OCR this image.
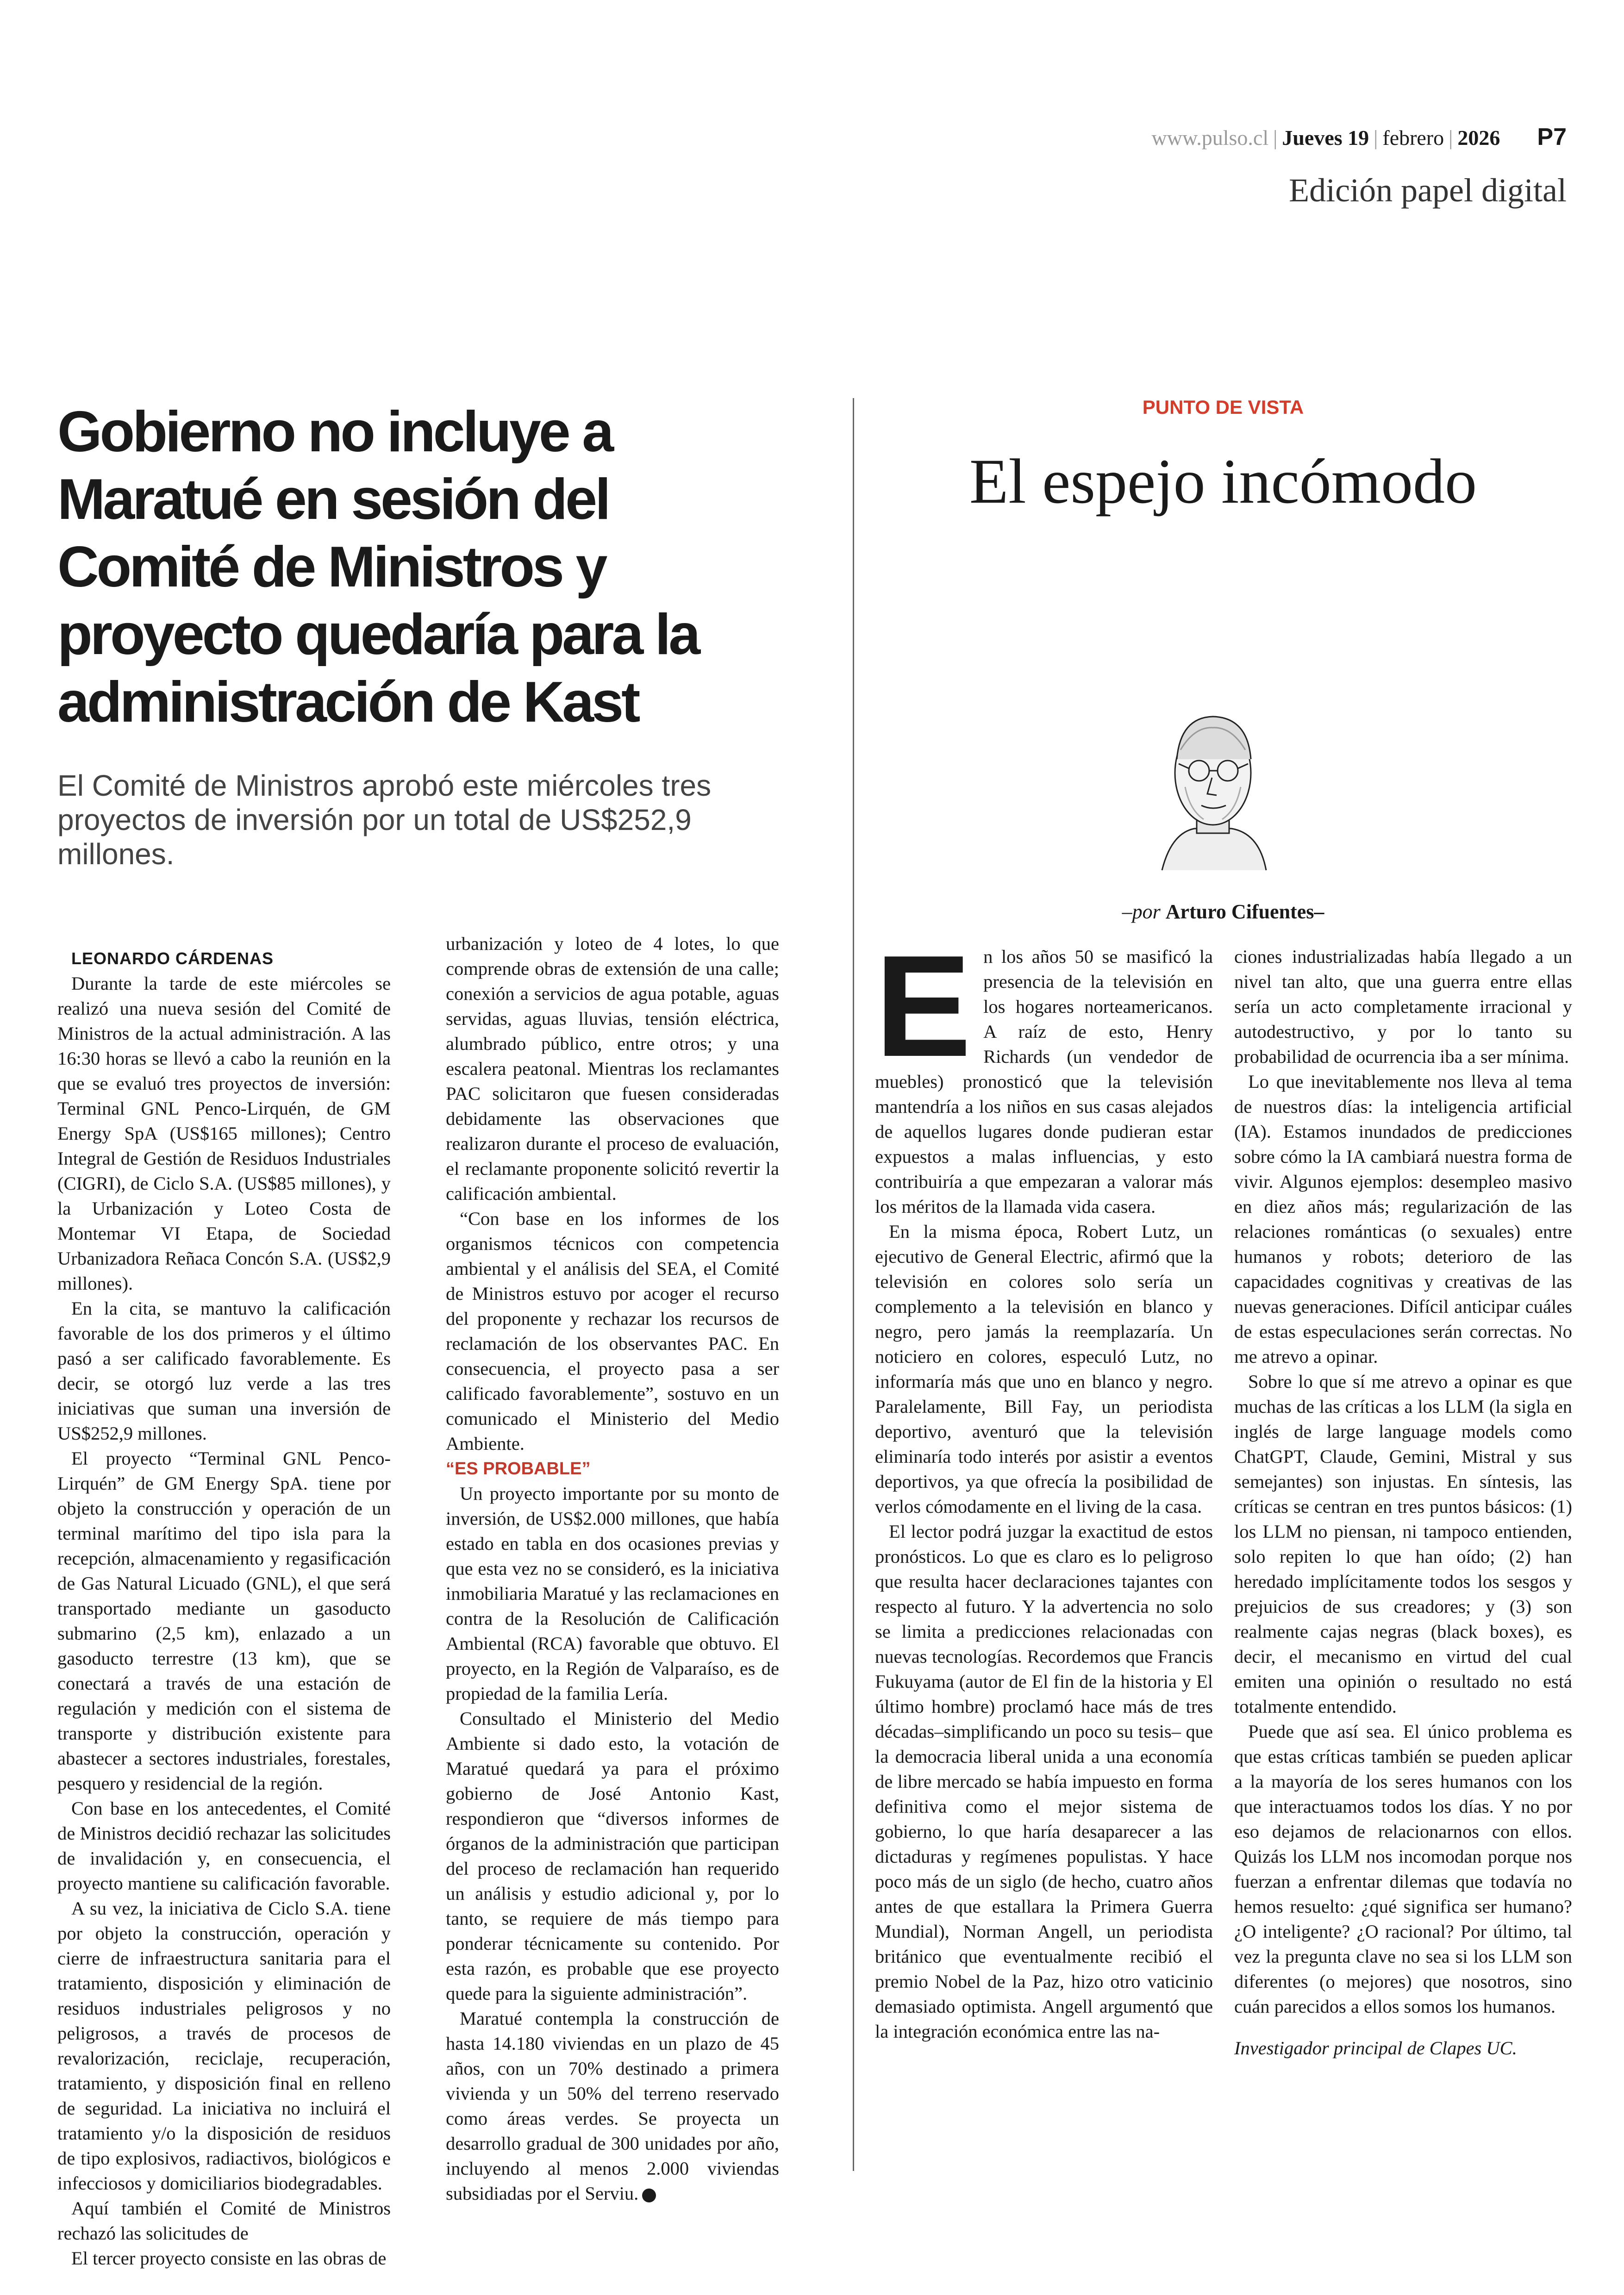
www.pulso.cl | Jueves 19 | febrero | 2026 P7
Edición papel digital
Gobierno no incluye a Maratué en sesión del Comité de Ministros y proyecto quedaría para la administración de Kast

El Comité de Ministros aprobó este miércoles tres proyectos de inversión por un total de US$252,9 millones.

PUNTO DE VISTA
El espejo incómodo
–por Arturo Cifuentes–

LEONARDO CÁRDENAS

Durante la tarde de este miércoles se realizó una nueva sesión del Comité de Ministros de la actual administración. A las 16:30 horas se llevó a cabo la reunión en la que se evaluó tres proyectos de inversión: Terminal GNL Penco-Lirquén, de GM Energy SpA (US$165 millones); Centro Integral de Gestión de Residuos Industriales (CIGRI), de Ciclo S.A. (US$85 millones), y la Urbanización y Loteo Costa de Montemar VI Etapa, de Sociedad Urbanizadora Reñaca Concón S.A. (US$2,9 millones).

En la cita, se mantuvo la calificación favorable de los dos primeros y el último pasó a ser calificado favorablemente. Es decir, se otorgó luz verde a las tres iniciativas que suman una inversión de US$252,9 millones.

El proyecto “Terminal GNL Penco-Lirquén” de GM Energy SpA. tiene por objeto la construcción y operación de un terminal marítimo del tipo isla para la recepción, almacenamiento y regasificación de Gas Natural Licuado (GNL), el que será transportado mediante un gasoducto submarino (2,5 km), enlazado a un gasoducto terrestre (13 km), que se conectará a través de una estación de regulación y medición con el sistema de transporte y distribución existente para abastecer a sectores industriales, forestales, pesquero y residencial de la región.

Con base en los antecedentes, el Comité de Ministros decidió rechazar las solicitudes de invalidación y, en consecuencia, el proyecto mantiene su calificación favorable.

A su vez, la iniciativa de Ciclo S.A. tiene por objeto la construcción, operación y cierre de infraestructura sanitaria para el tratamiento, disposición y eliminación de residuos industriales peligrosos y no peligrosos, a través de procesos de revalorización, reciclaje, recuperación, tratamiento, y disposición final en relleno de seguridad. La iniciativa no incluirá el tratamiento y/o la disposición de residuos de tipo explosivos, radiactivos, biológicos e infecciosos y domiciliarios biodegradables.

Aquí también el Comité de Ministros rechazó las solicitudes de

El tercer proyecto consiste en las obras de

urbanización y loteo de 4 lotes, lo que comprende obras de extensión de una calle; conexión a servicios de agua potable, aguas servidas, aguas lluvias, tensión eléctrica, alumbrado público, entre otros; y una escalera peatonal. Mientras los reclamantes PAC solicitaron que fuesen consideradas debidamente las observaciones que realizaron durante el proceso de evaluación, el reclamante proponente solicitó revertir la calificación ambiental.

“Con base en los informes de los organismos técnicos con competencia ambiental y el análisis del SEA, el Comité de Ministros estuvo por acoger el recurso del proponente y rechazar los recursos de reclamación de los observantes PAC. En consecuencia, el proyecto pasa a ser calificado favorablemente”, sostuvo en un comunicado el Ministerio del Medio Ambiente.

“ES PROBABLE”

Un proyecto importante por su monto de inversión, de US$2.000 millones, que había estado en tabla en dos ocasiones previas y que esta vez no se consideró, es la iniciativa inmobiliaria Maratué y las reclamaciones en contra de la Resolución de Calificación Ambiental (RCA) favorable que obtuvo. El proyecto, en la Región de Valparaíso, es de propiedad de la familia Lería.

Consultado el Ministerio del Medio Ambiente si dado esto, la votación de Maratué quedará ya para el próximo gobierno de José Antonio Kast, respondieron que “diversos informes de órganos de la administración que participan del proceso de reclamación han requerido un análisis y estudio adicional y, por lo tanto, se requiere de más tiempo para ponderar técnicamente su contenido. Por esta razón, es probable que ese proyecto quede para la siguiente administración”.

Maratué contempla la construcción de hasta 14.180 viviendas en un plazo de 45 años, con un 70% destinado a primera vivienda y un 50% del terreno reservado como áreas verdes. Se proyecta un desarrollo gradual de 300 unidades por año, incluyendo al menos 2.000 viviendas subsidiadas por el Serviu.

En los años 50 se masificó la presencia de la televisión en los hogares norteamericanos. A raíz de esto, Henry Richards (un vendedor de muebles) pronosticó que la televisión mantendría a los niños en sus casas alejados de aquellos lugares donde pudieran estar expuestos a malas influencias, y esto contribuiría a que empezaran a valorar más los méritos de la llamada vida casera.

En la misma época, Robert Lutz, un ejecutivo de General Electric, afirmó que la televisión en colores solo sería un complemento a la televisión en blanco y negro, pero jamás la reemplazaría. Un noticiero en colores, especuló Lutz, no informaría más que uno en blanco y negro. Paralelamente, Bill Fay, un periodista deportivo, aventuró que la televisión eliminaría todo interés por asistir a eventos deportivos, ya que ofrecía la posibilidad de verlos cómodamente en el living de la casa.

El lector podrá juzgar la exactitud de estos pronósticos. Lo que es claro es lo peligroso que resulta hacer declaraciones tajantes con respecto al futuro. Y la advertencia no solo se limita a predicciones relacionadas con nuevas tecnologías. Recordemos que Francis Fukuyama (autor de El fin de la historia y El último hombre) proclamó hace más de tres décadas–simplificando un poco su tesis– que la democracia liberal unida a una economía de libre mercado se había impuesto en forma definitiva como el mejor sistema de gobierno, lo que haría desaparecer a las dictaduras y regímenes populistas. Y hace poco más de un siglo (de hecho, cuatro años antes de que estallara la Primera Guerra Mundial), Norman Angell, un periodista británico que eventualmente recibió el premio Nobel de la Paz, hizo otro vaticinio demasiado optimista. Angell argumentó que la integración económica entre las na-

ciones industrializadas había llegado a un nivel tan alto, que una guerra entre ellas sería un acto completamente irracional y autodestructivo, y por lo tanto su probabilidad de ocurrencia iba a ser mínima.

Lo que inevitablemente nos lleva al tema de nuestros días: la inteligencia artificial (IA). Estamos inundados de predicciones sobre cómo la IA cambiará nuestra forma de vivir. Algunos ejemplos: desempleo masivo en diez años más; regularización de las relaciones románticas (o sexuales) entre humanos y robots; deterioro de las capacidades cognitivas y creativas de las nuevas generaciones. Difícil anticipar cuáles de estas especulaciones serán correctas. No me atrevo a opinar.

Sobre lo que sí me atrevo a opinar es que muchas de las críticas a los LLM (la sigla en inglés de large language models como ChatGPT, Claude, Gemini, Mistral y sus semejantes) son injustas. En síntesis, las críticas se centran en tres puntos básicos: (1) los LLM no piensan, ni tampoco entienden, solo repiten lo que han oído; (2) han heredado implícitamente todos los sesgos y prejuicios de sus creadores; y (3) son realmente cajas negras (black boxes), es decir, el mecanismo en virtud del cual emiten una opinión o resultado no está totalmente entendido.

Puede que así sea. El único problema es que estas críticas también se pueden aplicar a la mayoría de los seres humanos con los que interactuamos todos los días. Y no por eso dejamos de relacionarnos con ellos. Quizás los LLM nos incomodan porque nos fuerzan a enfrentar dilemas que todavía no hemos resuelto: ¿qué significa ser humano? ¿O inteligente? ¿O racional? Por último, tal vez la pregunta clave no sea si los LLM son diferentes (o mejores) que nosotros, sino cuán parecidos a ellos somos los humanos.

Investigador principal de Clapes UC.
